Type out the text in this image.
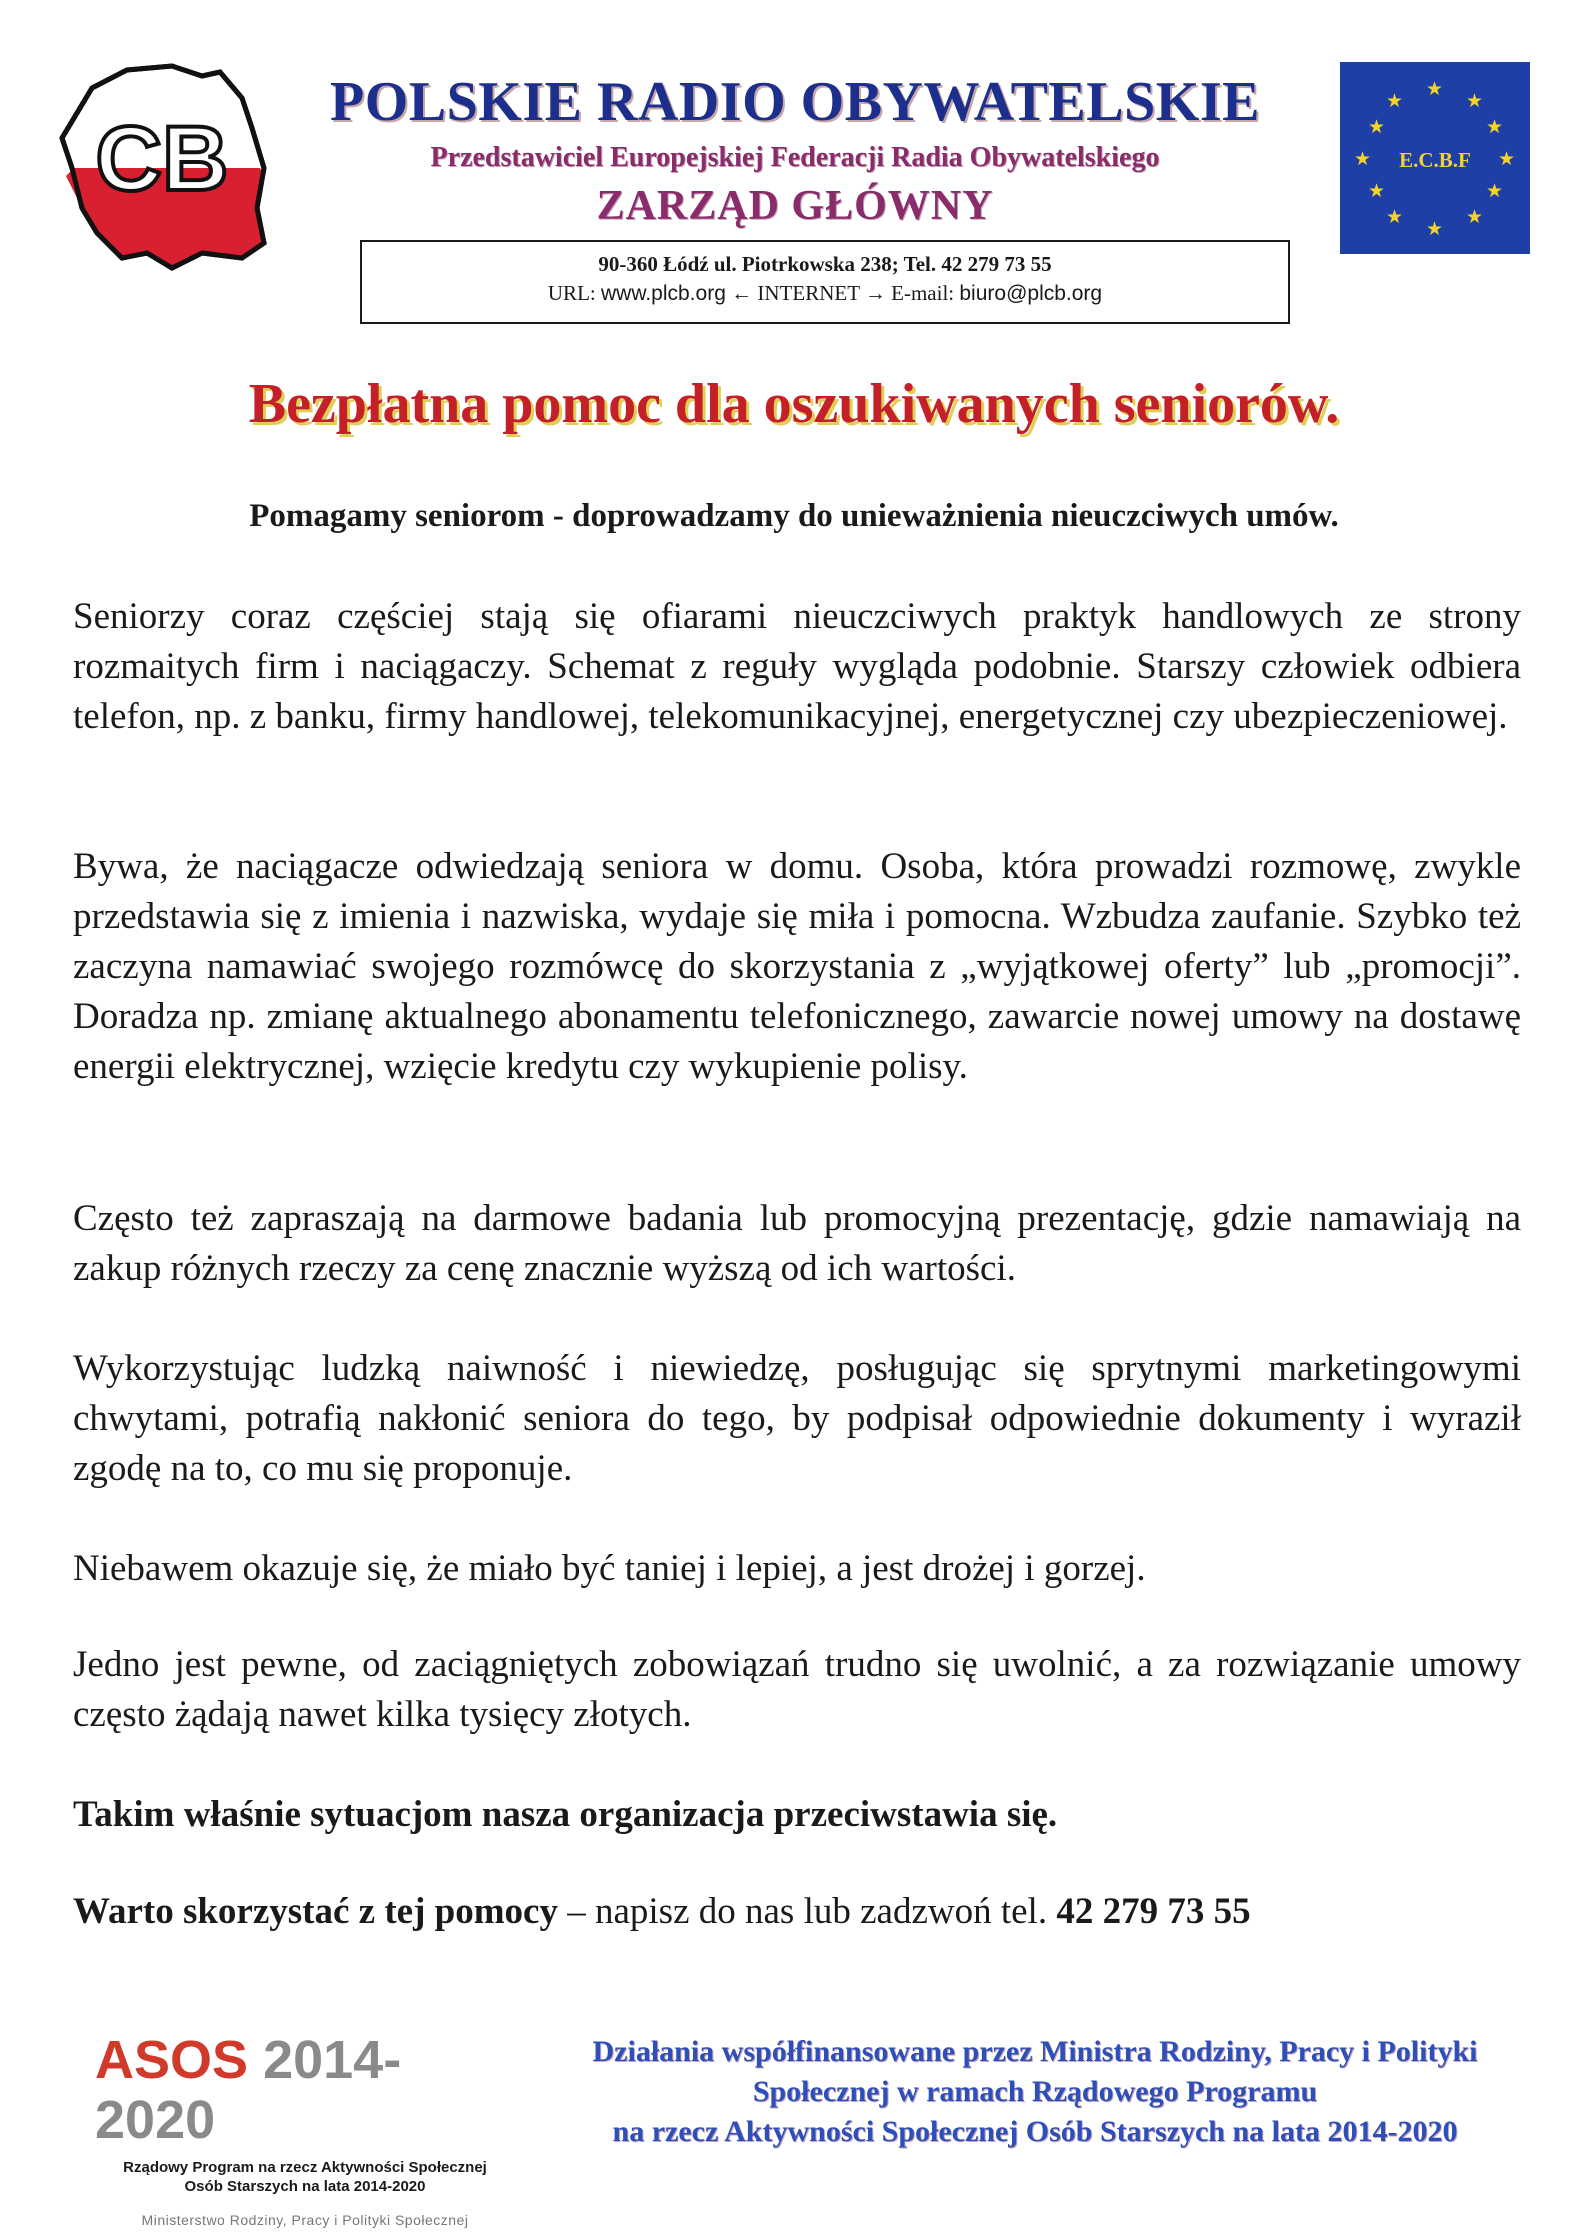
CB
POLSKIE RADIO OBYWATELSKIE
Przedstawiciel Europejskiej Federacji Radia Obywatelskiego
ZARZĄD GŁÓWNY
★
★	★
★	★
★	★
★	★
★	★
★
E.C.B.F
90-360 Łódź ul. Piotrkowska 238; Tel. 42 279 73 55
URL: www.plcb.org ← INTERNET → E-mail: biuro@plcb.org
Bezpłatna pomoc dla oszukiwanych seniorów.
Pomagamy seniorom - doprowadzamy do unieważnienia nieuczciwych umów.

Seniorzy coraz częściej stają się ofiarami nieuczciwych praktyk handlowych ze strony rozmaitych firm i naciągaczy. Schemat z reguły wygląda podobnie. Starszy człowiek odbiera telefon, np. z banku, firmy handlowej, telekomunikacyjnej, energetycznej czy ubezpieczeniowej.

Bywa, że naciągacze odwiedzają seniora w domu. Osoba, która prowadzi rozmowę, zwykle przedstawia się z imienia i nazwiska, wydaje się miła i pomocna. Wzbudza zaufanie. Szybko też zaczyna namawiać swojego rozmówcę do skorzystania z „wyjątkowej oferty” lub „promocji”. Doradza np. zmianę aktualnego abonamentu telefonicznego, zawarcie nowej umowy na dostawę energii elektrycznej, wzięcie kredytu czy wykupienie polisy.

Często też zapraszają na darmowe badania lub promocyjną prezentację, gdzie namawiają na zakup różnych rzeczy za cenę znacznie wyższą od ich wartości.

Wykorzystując ludzką naiwność i niewiedzę, posługując się sprytnymi marketingowymi chwytami, potrafią nakłonić seniora do tego, by podpisał odpowiednie dokumenty i wyraził zgodę na to, co mu się proponuje.

Niebawem okazuje się, że miało być taniej i lepiej, a jest drożej i gorzej.

Jedno jest pewne, od zaciągniętych zobowiązań trudno się uwolnić, a za rozwiązanie umowy często żądają nawet kilka tysięcy złotych.

Takim właśnie sytuacjom nasza organizacja przeciwstawia się.

Warto skorzystać z tej pomocy – napisz do nas lub zadzwoń tel. 42 279 73 55

ASOS 2014-2020
Rządowy Program na rzecz Aktywności Społecznej
Osób Starszych na lata 2014-2020
Ministerstwo Rodziny, Pracy i Polityki Społecznej
Działania współfinansowane przez Ministra Rodziny, Pracy i Polityki
Społecznej w ramach Rządowego Programu
na rzecz Aktywności Społecznej Osób Starszych na lata 2014-2020
